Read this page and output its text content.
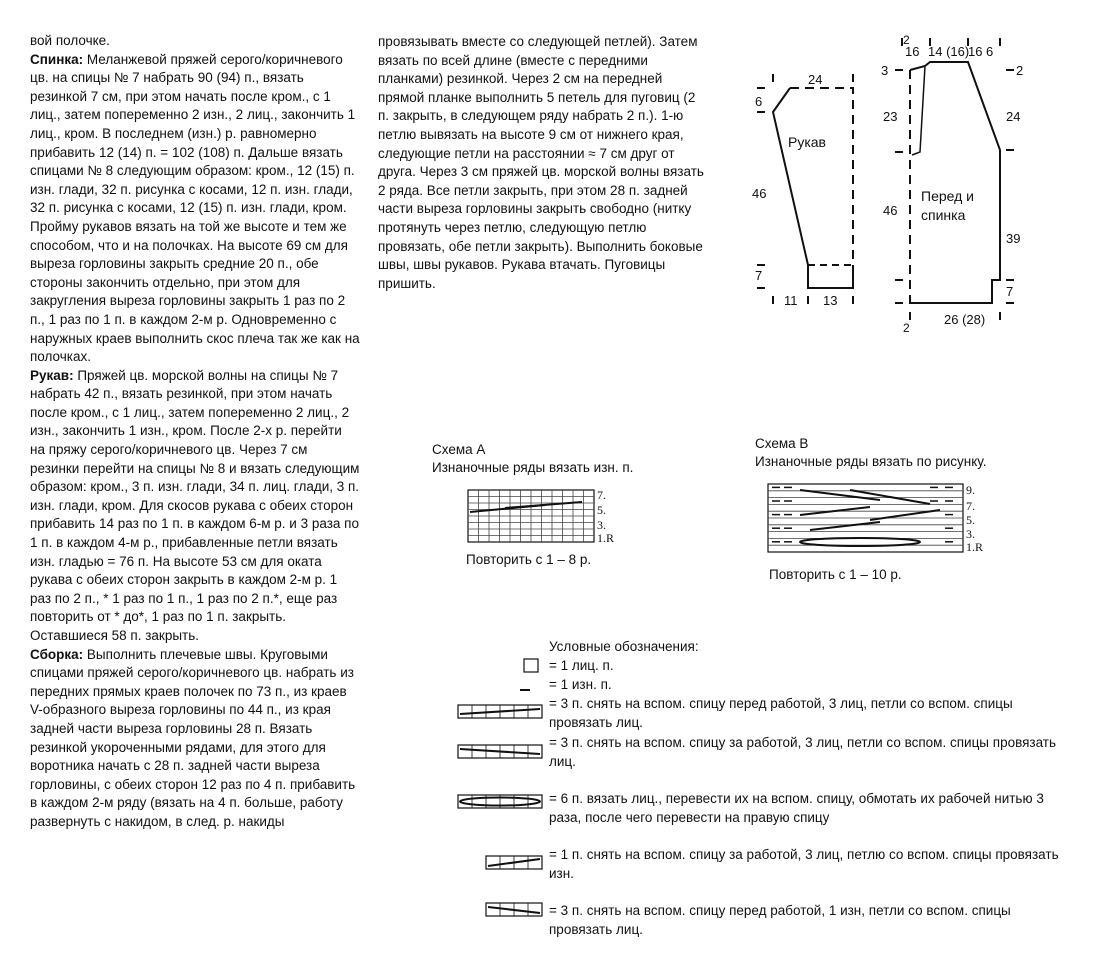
вой полочке.

Спинка: Меланжевой пряжей серого/коричневого цв. на спицы № 7 набрать 90 (94) п., вязать резинкой 7 см, при этом начать после кром., с 1 лиц., затем попеременно 2 изн., 2 лиц., закончить 1 лиц., кром. В последнем (изн.) р. равномерно прибавить 12 (14) п. = 102 (108) п. Дальше вязать спицами № 8 следующим образом: кром., 12 (15) п. изн. глади, 32 п. рисунка с косами, 12 п. изн. глади, 32 п. рисунка с косами, 12 (15) п. изн. глади, кром. Пройму рукавов вязать на той же высоте и тем же способом, что и на полочках. На высоте 69 см для выреза горловины закрыть средние 20 п., обе стороны закончить отдельно, при этом для закругления выреза горловины закрыть 1 раз по 2 п., 1 раз по 1 п. в каждом 2-м р. Одновременно с наружных краев выполнить скос плеча так же как на полочках.

Рукав: Пряжей цв. морской волны на спицы № 7 набрать 42 п., вязать резинкой, при этом начать после кром., с 1 лиц., затем попеременно 2 лиц., 2 изн., закончить 1 изн., кром. После 2-х р. перейти на пряжу серого/коричневого цв. Через 7 см резинки перейти на спицы № 8 и вязать следующим образом: кром., 3 п. изн. глади, 34 п. лиц. глади, 3 п. изн. глади, кром. Для скосов рукава с обеих сторон прибавить 14 раз по 1 п. в каждом 6-м р. и 3 раза по 1 п. в каждом 4-м р., прибавленные петли вязать изн. гладью = 76 п. На высоте 53 см для оката рукава с обеих сторон закрыть в каждом 2-м р. 1 раз по 2 п., * 1 раз по 1 п., 1 раз по 2 п.*, еще раз повторить от * до*, 1 раз по 1 п. закрыть. Оставшиеся 58 п. закрыть.

Сборка: Выполнить плечевые швы. Круговыми спицами пряжей серого/коричневого цв. набрать из передних прямых краев полочек по 73 п., из краев V-образного выреза горловины по 44 п., из края задней части выреза горловины 28 п. Вязать резинкой укороченными рядами, для этого для воротника начать с 28 п. задней части выреза горловины, с обеих сторон 12 раз по 4 п. прибавить в каждом 2-м ряду (вязать на 4 п. больше, работу развернуть с накидом, в след. р. накиды

провязывать вместе со следующей петлей). Затем вязать по всей длине (вместе с передними планками) резинкой. Через 2 см на передней прямой планке выполнить 5 петель для пуговиц (2 п. закрыть, в следующем ряду набрать 2 п.). 1-ю петлю вывязать на высоте 9 см от нижнего края, следующие петли на расстоянии ≈ 7 см друг от друга. Через 3 см пряжей цв. морской волны вязать 2 ряда. Все петли закрыть, при этом 28 п. задней части выреза горловины закрыть свободно (нитку протянуть через петлю, следующую петлю провязать, обе петли закрыть). Выполнить боковые швы, швы рукавов. Рукава втачать. Пуговицы пришить.

24
6
Рукав
46
7
11 13
2
16 14 (16)
16 6
3	2
23	24
Перед и
спинка
46
39
7
2
26 (28)
Схема А
Изнаночные ряды вязать изн. п.
7.
5.
3.
1.R
Повторить с 1 – 8 р.
Схема В
Изнаночные ряды вязать по рисунку.
9.
7.
5.
3.
1.R
Повторить с 1 – 10 р.
Условные обозначения:
= 1 лиц. п.
= 1 изн. п.
= 3 п. снять на вспом. спицу перед работой, 3 лиц, петли со вспом. спицы провязать лиц.
= 3 п. снять на вспом. спицу за работой, 3 лиц, петли со вспом. спицы провязать лиц.
= 6 п. вязать лиц., перевести их на вспом. спицу, обмотать их рабочей нитью 3 раза, после чего перевести на правую спицу
= 1 п. снять на вспом. спицу за работой, 3 лиц, петлю со вспом. спицы провязать изн.
= 3 п. снять на вспом. спицу перед работой, 1 изн, петли со вспом. спицы провязать лиц.
